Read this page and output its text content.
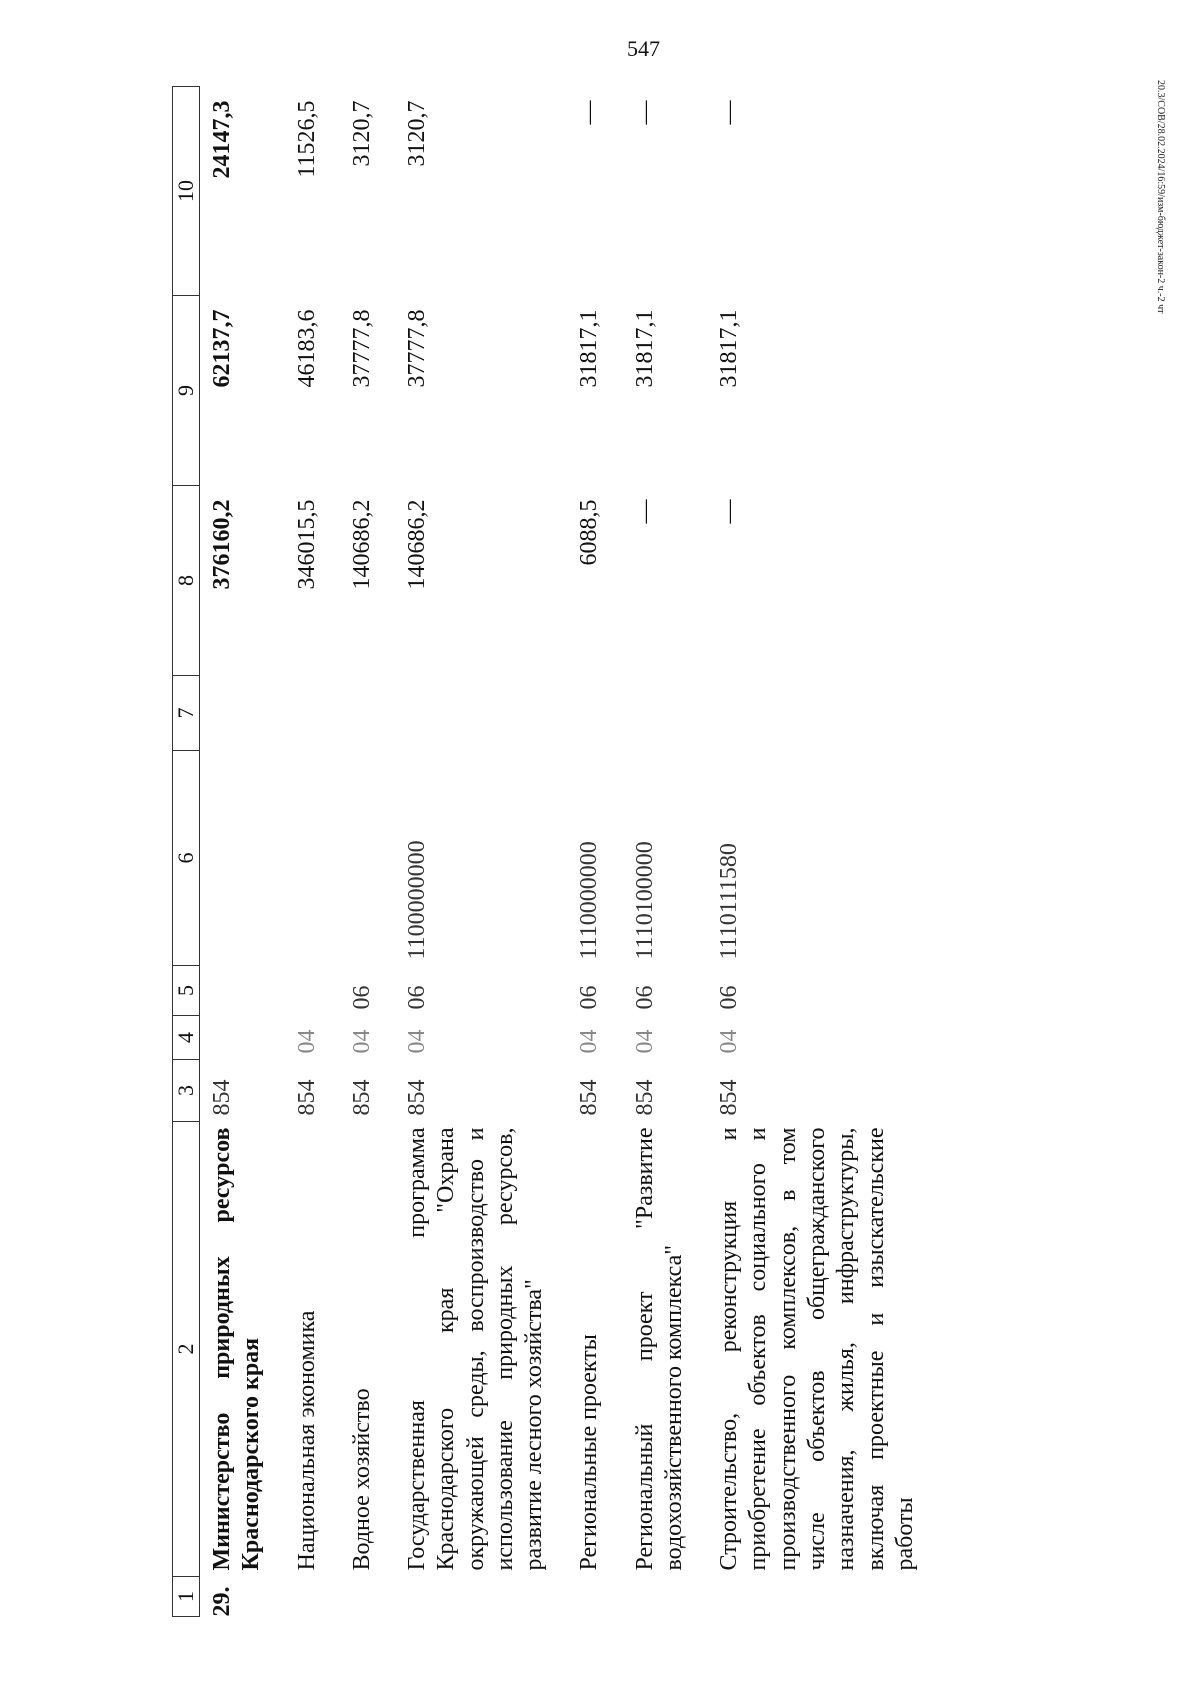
547
20.3/СОВ/28.02.2024/16:59/изм-бюджет-закон-2 ч.-2 чт
1	2	3	4	5	6	7	8	9	10
29.	Министерство природных ресурсов Краснодарского края	854					376160,2	62137,7	24147,3
	Национальная экономика	854	04				346015,5	46183,6	11526,5
	Водное хозяйство	854	04	06			140686,2	37777,8	3120,7
	Государственная программа Краснодарского края "Охрана окружающей среды, воспроизводство и использование природных ресурсов, развитие лесного хозяйства"	854	04	06	1100000000		140686,2	37777,8	3120,7
	Региональные проекты	854	04	06	1110000000		6088,5	31817,1	—
	Региональный проект "Развитие водохозяйственного комплекса"	854	04	06	1110100000		—	31817,1	—
	Строительство, реконструкция и приобретение объектов социального и производственного комплексов, в том числе объектов общегражданского назначения, жилья, инфраструктуры, включая проектные и изыскательские работы	854	04	06	1110111580		—	31817,1	—
